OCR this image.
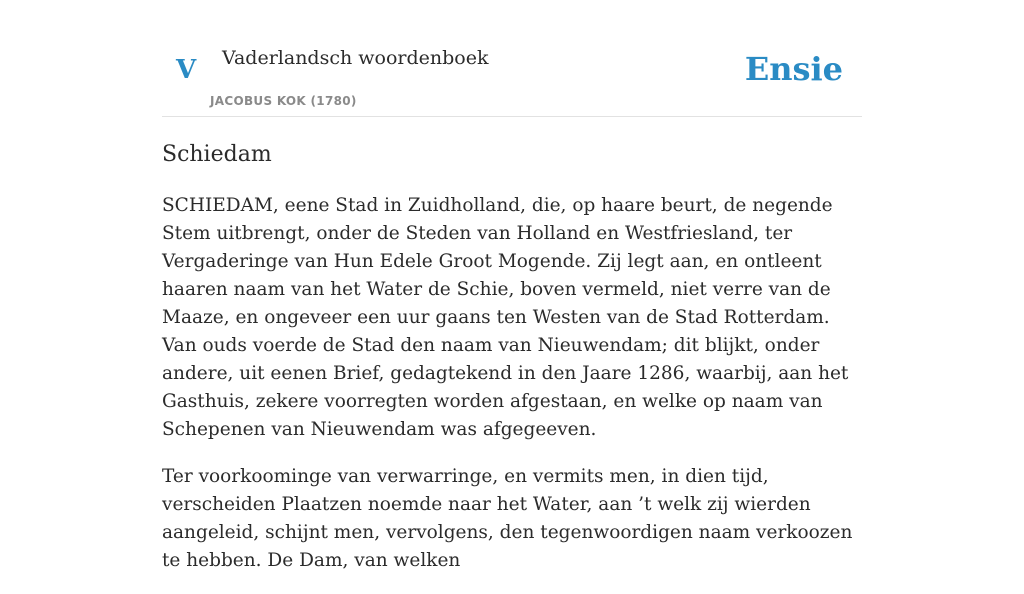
V Vaderlandsch woordenboek
JACOBUS KOK (1780)
Ensie
Schiedam

SCHIEDAM, eene Stad in Zuidholland, die, op haare beurt, de negende Stem uitbrengt, onder de Steden van Holland en Westfriesland, ter Vergaderinge van Hun Edele Groot Mogende. Zij legt aan, en ontleent haaren naam van het Water de Schie, boven vermeld, niet verre van de Maaze, en ongeveer een uur gaans ten Westen van de Stad Rotterdam. Van ouds voerde de Stad den naam van Nieuwendam; dit blijkt, onder andere, uit eenen Brief, gedagtekend in den Jaare 1286, waarbij, aan het Gasthuis, zekere voorregten worden afgestaan, en welke op naam van Schepenen van Nieuwendam was afgegeeven.

Ter voorkoominge van verwarringe, en vermits men, in dien tijd, verscheiden Plaatzen noemde naar het Water, aan ’t welk zij wierden aangeleid, schijnt men, vervolgens, den tegenwoordigen naam verkoozen te hebben. De Dam, van welken
